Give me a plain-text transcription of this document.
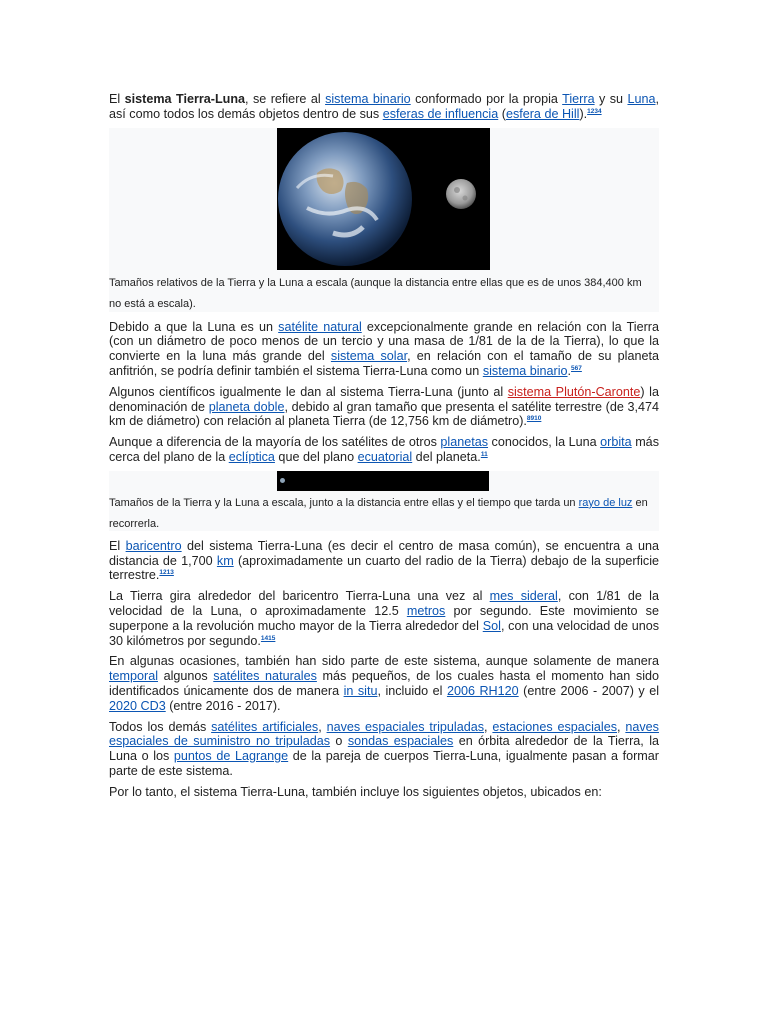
El sistema Tierra-Luna, se refiere al sistema binario conformado por la propia Tierra y su Luna, así como todos los demás objetos dentro de sus esferas de influencia (esfera de Hill).$^{1234}$

Tamaños relativos de la Tierra y la Luna a escala (aunque la distancia entre ellas que es de unos 384,400 km no está a escala).

Debido a que la Luna es un satélite natural excepcionalmente grande en relación con la Tierra (con un diámetro de poco menos de un tercio y una masa de 1/81 de la de la Tierra), lo que la convierte en la luna más grande del sistema solar, en relación con el tamaño de su planeta anfitrión, se podría definir también el sistema Tierra-Luna como un sistema binario.$^{567}$

Algunos científicos igualmente le dan al sistema Tierra-Luna (junto al sistema Plutón-Caronte) la denominación de planeta doble, debido al gran tamaño que presenta el satélite terrestre (de 3,474 km de diámetro) con relación al planeta Tierra (de 12,756 km de diámetro).$^{8910}$

Aunque a diferencia de la mayoría de los satélites de otros planetas conocidos, la Luna orbita más cerca del plano de la eclíptica que del plano ecuatorial del planeta.$^{11}$

Tamaños de la Tierra y la Luna a escala, junto a la distancia entre ellas y el tiempo que tarda un rayo de luz en recorrerla.

El baricentro del sistema Tierra-Luna (es decir el centro de masa común), se encuentra a una distancia de 1,700 km (aproximadamente un cuarto del radio de la Tierra) debajo de la superficie terrestre.$^{1213}$

La Tierra gira alrededor del baricentro Tierra-Luna una vez al mes sideral, con 1/81 de la velocidad de la Luna, o aproximadamente 12.5 metros por segundo. Este movimiento se superpone a la revolución mucho mayor de la Tierra alrededor del Sol, con una velocidad de unos 30 kilómetros por segundo.$^{1415}$

En algunas ocasiones, también han sido parte de este sistema, aunque solamente de manera temporal algunos satélites naturales más pequeños, de los cuales hasta el momento han sido identificados únicamente dos de manera in situ, incluido el 2006 RH120 (entre 2006 - 2007) y el 2020 CD3 (entre 2016 - 2017).

Todos los demás satélites artificiales, naves espaciales tripuladas, estaciones espaciales, naves espaciales de suministro no tripuladas o sondas espaciales en órbita alrededor de la Tierra, la Luna o los puntos de Lagrange de la pareja de cuerpos Tierra-Luna, igualmente pasan a formar parte de este sistema.

Por lo tanto, el sistema Tierra-Luna, también incluye los siguientes objetos, ubicados en:
